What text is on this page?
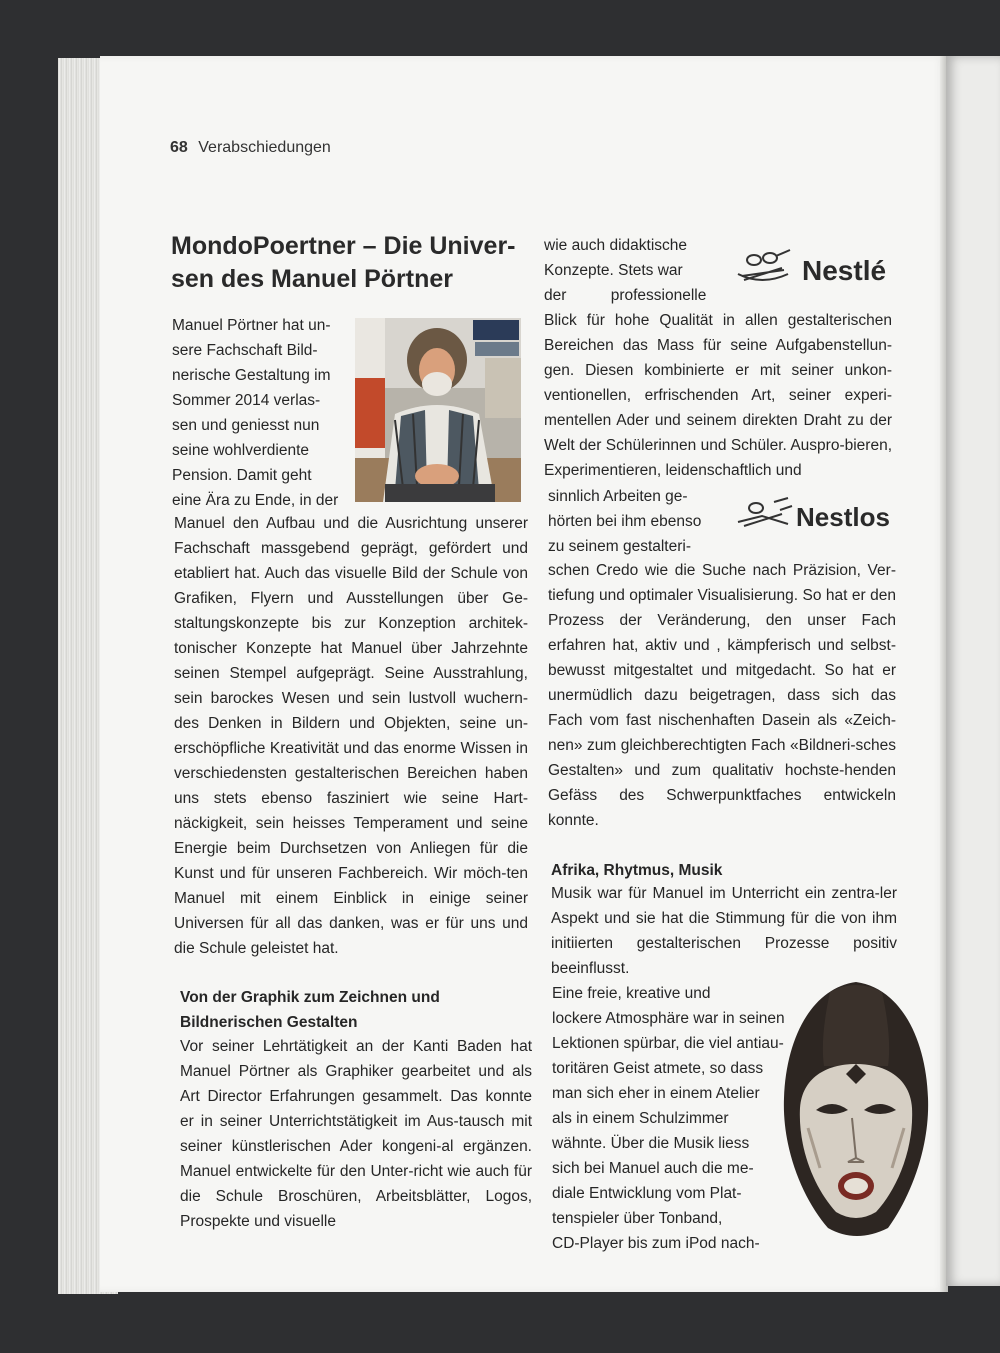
68 Verabschiedungen
MondoPoertner – Die Univer-sen des Manuel Pörtner
Manuel Pörtner hat un-
sere Fachschaft Bild-
nerische Gestaltung im
Sommer 2014 verlas-
sen und geniesst nun
seine wohlverdiente
Pension. Damit geht
eine Ära zu Ende, in der
Manuel den Aufbau und die Ausrichtung unserer Fachschaft massgebend geprägt, gefördert und etabliert hat. Auch das visuelle Bild der Schule von Grafiken, Flyern und Ausstellungen über Ge-staltungskonzepte bis zur Konzeption architek-tonischer Konzepte hat Manuel über Jahrzehnte seinen Stempel aufgeprägt. Seine Ausstrahlung, sein barockes Wesen und sein lustvoll wuchern-des Denken in Bildern und Objekten, seine un-erschöpfliche Kreativität und das enorme Wissen in verschiedensten gestalterischen Bereichen haben uns stets ebenso fasziniert wie seine Hart-näckigkeit, sein heisses Temperament und seine Energie beim Durchsetzen von Anliegen für die Kunst und für unseren Fachbereich. Wir möch-ten Manuel mit einem Einblick in einige seiner Universen für all das danken, was er für uns und die Schule geleistet hat.
Von der Graphik zum Zeichnen und Bildnerischen Gestalten
Vor seiner Lehrtätigkeit an der Kanti Baden hat Manuel Pörtner als Graphiker gearbeitet und als Art Director Erfahrungen gesammelt. Das konnte er in seiner Unterrichtstätigkeit im Aus-tausch mit seiner künstlerischen Ader kongeni-al ergänzen. Manuel entwickelte für den Unter-richt wie auch für die Schule Broschüren, Arbeitsblätter, Logos, Prospekte und visuelle
wie auch didaktische
Konzepte. Stets war
der professionelle
Nestlé
Blick für hohe Qualität in allen gestalterischen Bereichen das Mass für seine Aufgabenstellun-gen. Diesen kombinierte er mit seiner unkon-ventionellen, erfrischenden Art, seiner experi-mentellen Ader und seinem direkten Draht zu der Welt der Schülerinnen und Schüler. Auspro-bieren, Experimentieren, leidenschaftlich und
sinnlich Arbeiten ge-
hörten bei ihm ebenso
zu seinem gestalteri-
Nestlos
schen Credo wie die Suche nach Präzision, Ver-tiefung und optimaler Visualisierung. So hat er den Prozess der Veränderung, den unser Fach erfahren hat, aktiv und , kämpferisch und selbst-bewusst mitgestaltet und mitgedacht. So hat er unermüdlich dazu beigetragen, dass sich das Fach vom fast nischenhaften Dasein als «Zeich-nen» zum gleichberechtigten Fach «Bildneri-sches Gestalten» und zum qualitativ hochste-henden Gefäss des Schwerpunktfaches entwickeln konnte.
Afrika, Rhytmus, Musik
Musik war für Manuel im Unterricht ein zentra-ler Aspekt und sie hat die Stimmung für die von ihm initiierten gestalterischen Prozesse positiv beeinflusst.
Eine freie, kreative und
lockere Atmosphäre war in seinen
Lektionen spürbar, die viel antiau-
toritären Geist atmete, so dass
man sich eher in einem Atelier
als in einem Schulzimmer
wähnte. Über die Musik liess
sich bei Manuel auch die me-
diale Entwicklung vom Plat-
tenspieler über Tonband,
CD-Player bis zum iPod nach-
